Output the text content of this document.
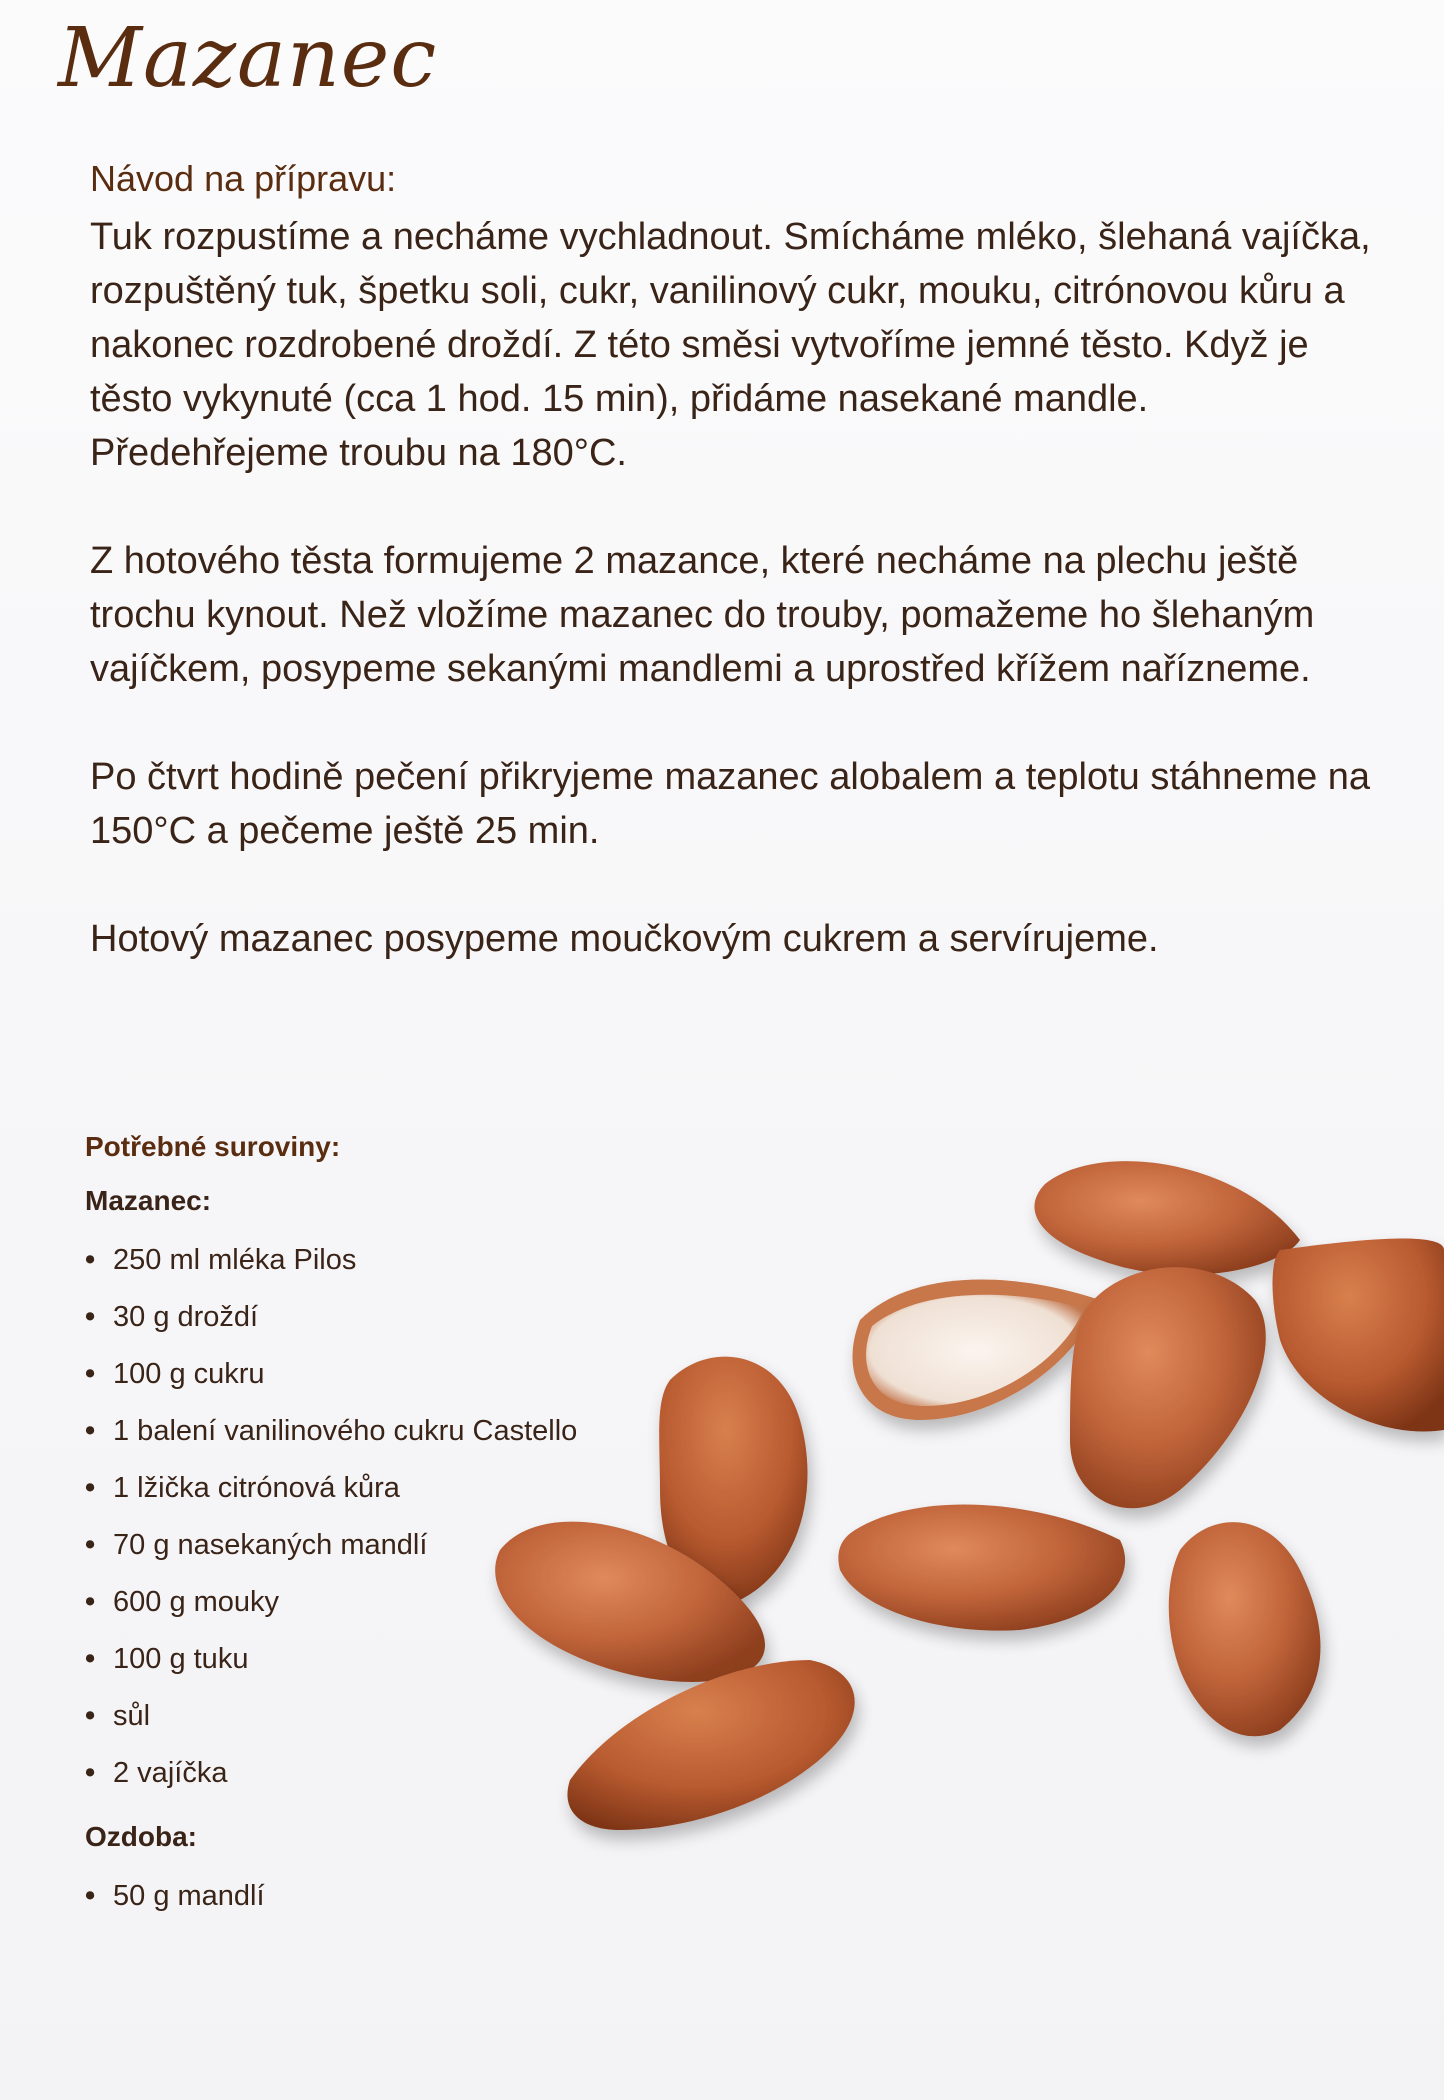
Mazanec
Návod na přípravu:

Tuk rozpustíme a necháme vychladnout. Smícháme mléko, šlehaná vajíčka, rozpuštěný tuk, špetku soli, cukr, vanilinový cukr, mouku, citrónovou kůru a nakonec rozdrobené droždí. Z této směsi vytvoříme jemné těsto. Když je těsto vykynuté (cca 1 hod. 15 min), přidáme nasekané mandle. Předehřejeme troubu na 180°C.

Z hotového těsta formujeme 2 mazance, které necháme na plechu ještě trochu kynout. Než vložíme mazanec do trouby, pomažeme ho šlehaným vajíčkem, posypeme sekanými mandlemi a uprostřed křížem nařízneme.

Po čtvrt hodině pečení přikryjeme mazanec alobalem a teplotu stáhneme na 150°C a pečeme ještě 25 min.

Hotový mazanec posypeme moučkovým cukrem a servírujeme.

Potřebné suroviny:
Mazanec:
• 250 ml mléka Pilos
• 30 g droždí
• 100 g cukru
• 1 balení vanilinového cukru Castello
• 1 lžička citrónová kůra
• 70 g nasekaných mandlí
• 600 g mouky
• 100 g tuku
• sůl
• 2 vajíčka
Ozdoba:
• 50 g mandlí
